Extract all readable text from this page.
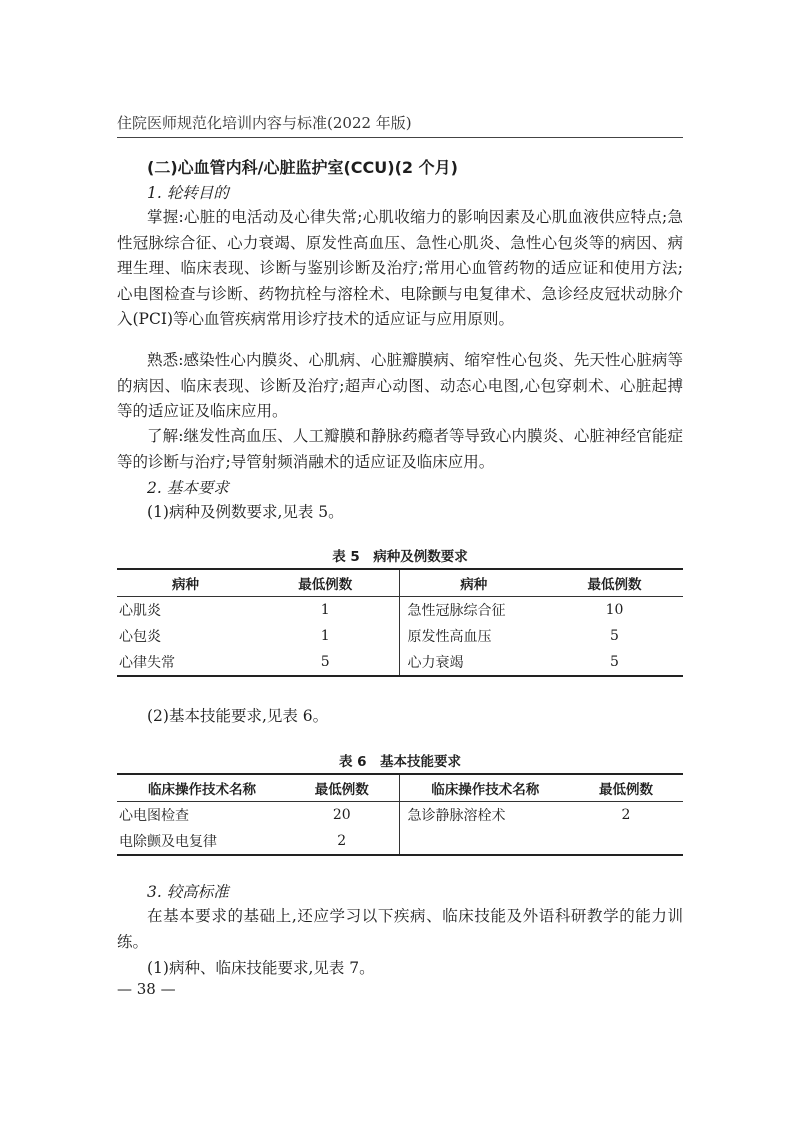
住院医师规范化培训内容与标准(2022 年版)
(二)心血管内科/心脏监护室(CCU)(2 个月)
1. 轮转目的
掌握:心脏的电活动及心律失常;心肌收缩力的影响因素及心肌血液供应特点;急性冠脉综合征、心力衰竭、原发性高血压、急性心肌炎、急性心包炎等的病因、病理生理、临床表现、诊断与鉴别诊断及治疗;常用心血管药物的适应证和使用方法;心电图检查与诊断、药物抗栓与溶栓术、电除颤与电复律术、急诊经皮冠状动脉介入(PCI)等心血管疾病常用诊疗技术的适应证与应用原则。
熟悉:感染性心内膜炎、心肌病、心脏瓣膜病、缩窄性心包炎、先天性心脏病等的病因、临床表现、诊断及治疗;超声心动图、动态心电图,心包穿刺术、心脏起搏等的适应证及临床应用。
了解:继发性高血压、人工瓣膜和静脉药瘾者等导致心内膜炎、心脏神经官能症等的诊断与治疗;导管射频消融术的适应证及临床应用。
2. 基本要求
(1)病种及例数要求,见表 5。
表 5　病种及例数要求
病种	最低例数	病种	最低例数
心肌炎	1	急性冠脉综合征	10
心包炎	1	原发性高血压	5
心律失常	5	心力衰竭	5
(2)基本技能要求,见表 6。
表 6　基本技能要求
临床操作技术名称	最低例数	临床操作技术名称	最低例数
心电图检查	20	急诊静脉溶栓术	2
电除颤及电复律	2		
3. 较高标准
在基本要求的基础上,还应学习以下疾病、临床技能及外语科研教学的能力训练。
(1)病种、临床技能要求,见表 7。
— 38 —
